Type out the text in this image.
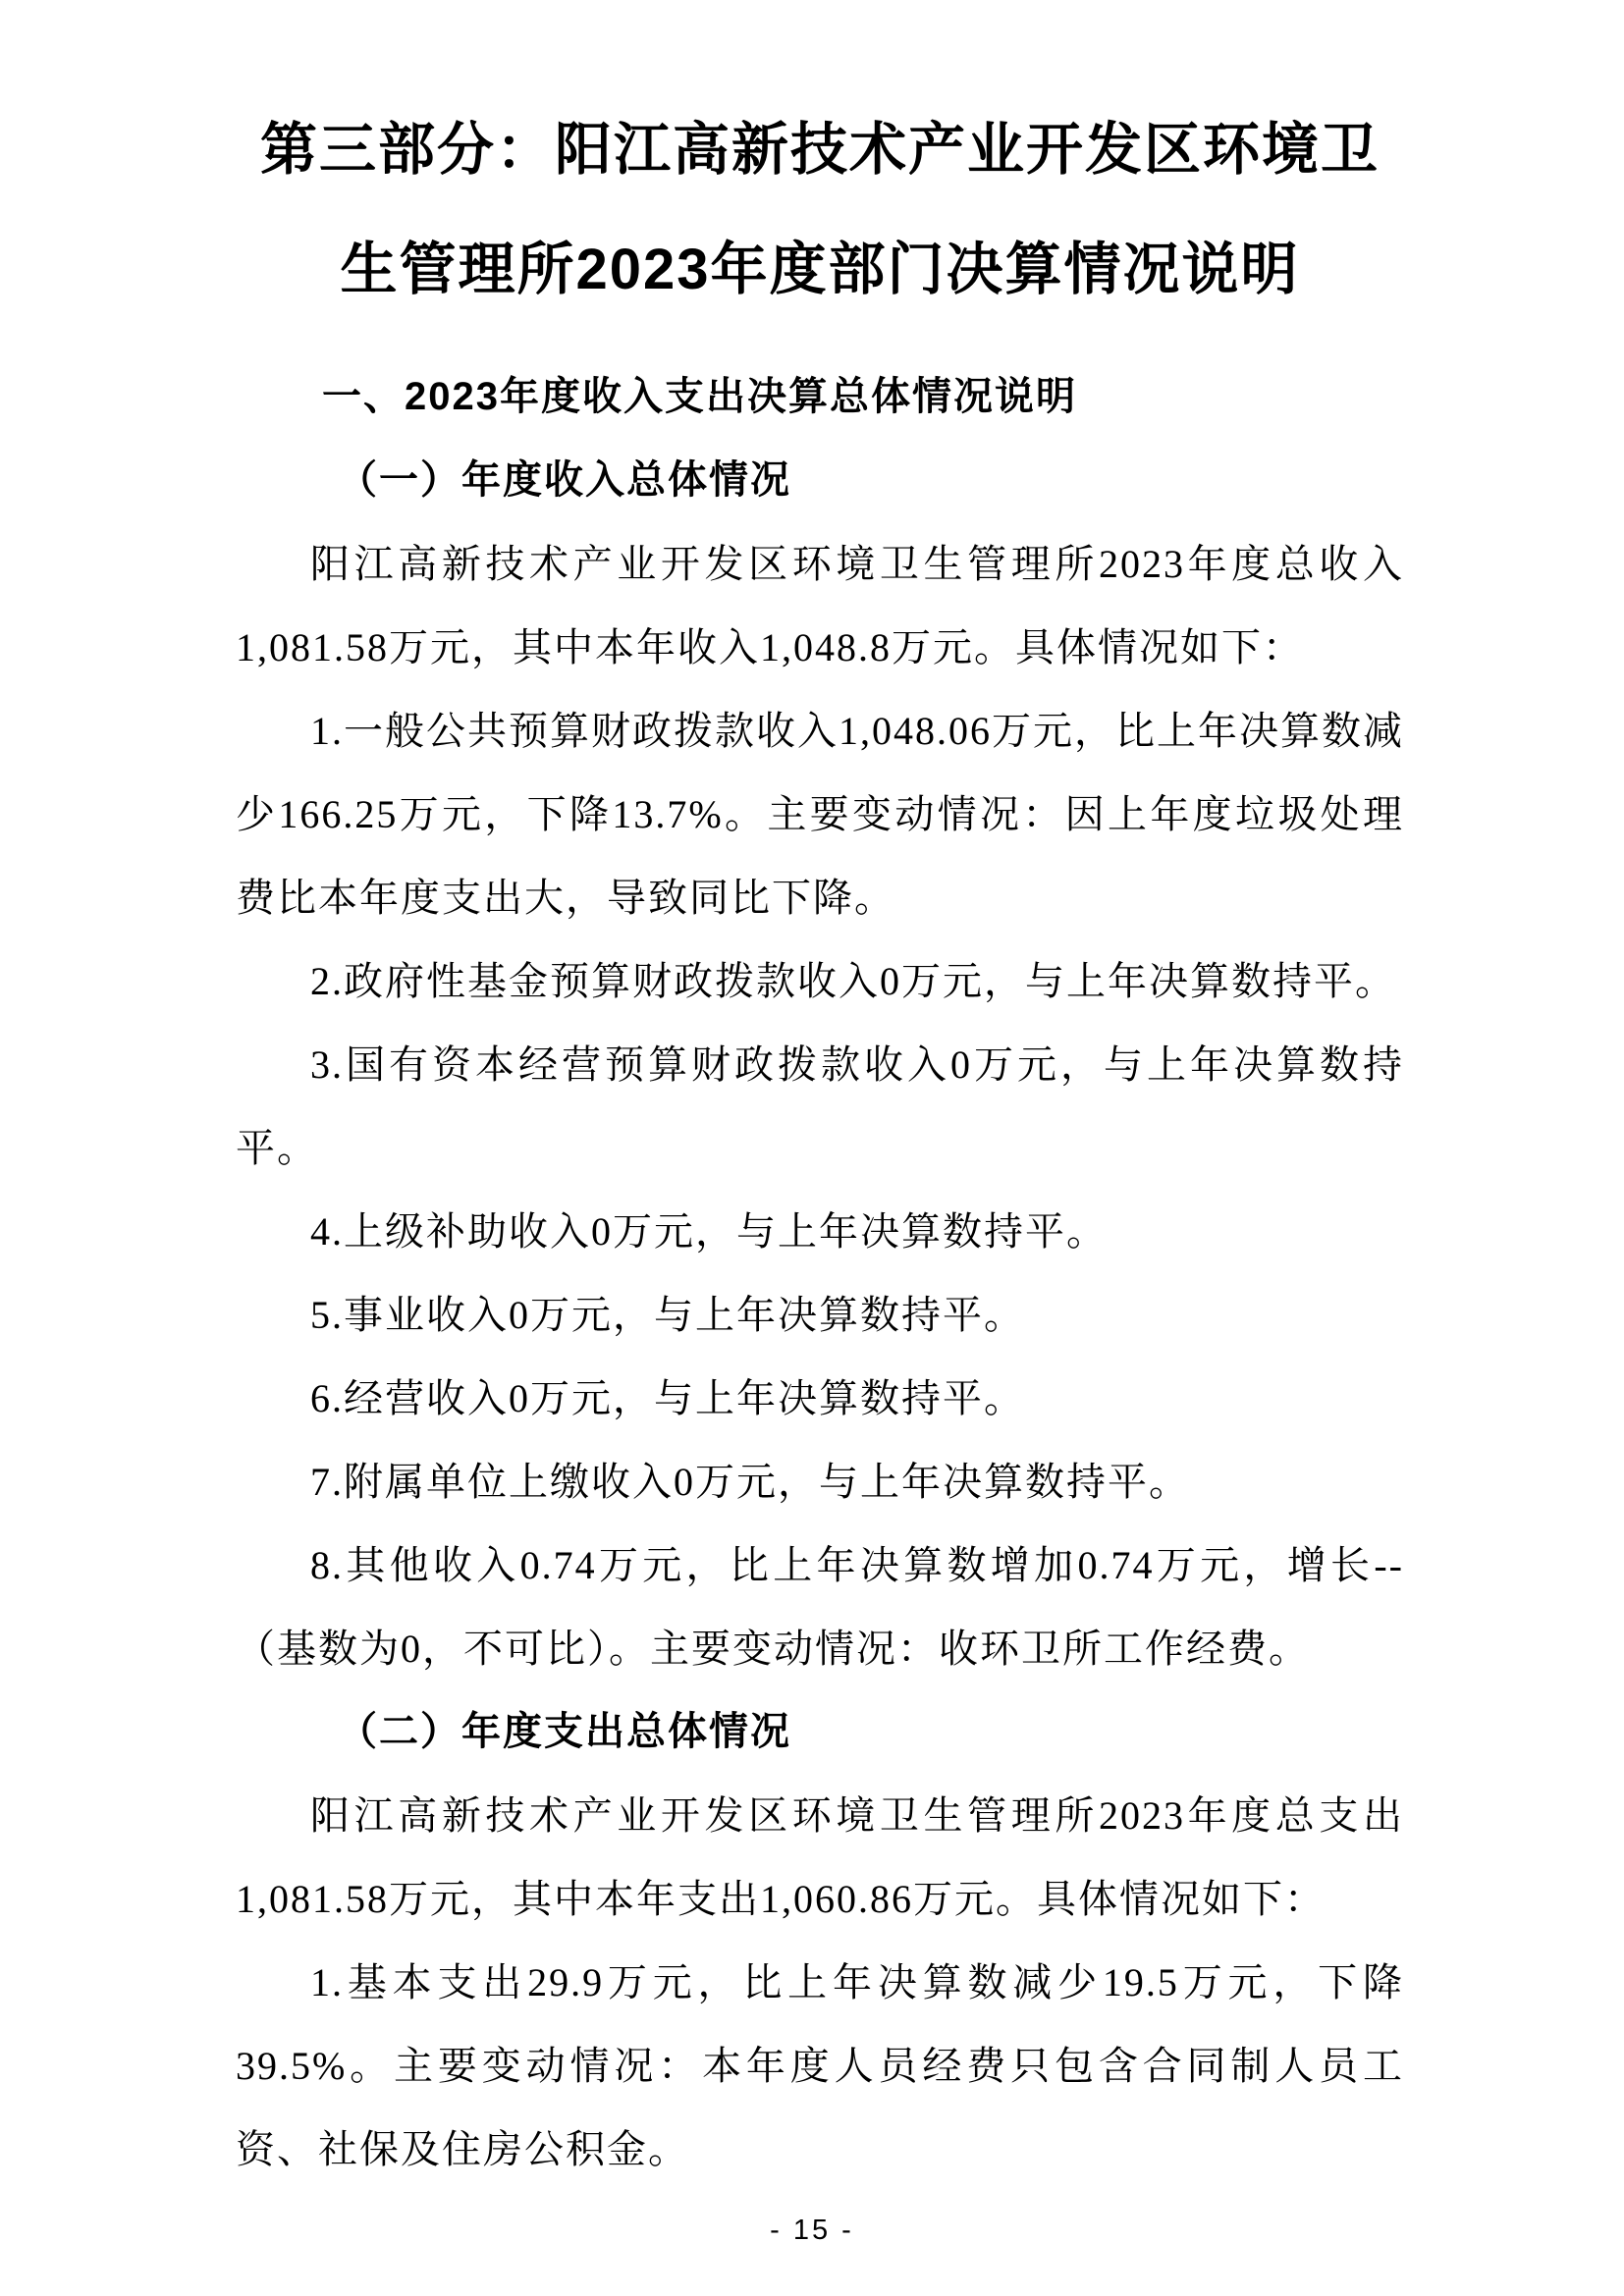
第三部分：阳江高新技术产业开发区环境卫生管理所2023年度部门决算情况说明
一、2023年度收入支出决算总体情况说明
（一）年度收入总体情况

阳江高新技术产业开发区环境卫生管理所2023年度总收入1,081.58万元，其中本年收入1,048.8万元。具体情况如下：

1.一般公共预算财政拨款收入1,048.06万元，比上年决算数减少166.25万元，下降13.7%。主要变动情况：因上年度垃圾处理费比本年度支出大，导致同比下降。

2.政府性基金预算财政拨款收入0万元，与上年决算数持平。

3.国有资本经营预算财政拨款收入0万元，与上年决算数持平。

4.上级补助收入0万元，与上年决算数持平。

5.事业收入0万元，与上年决算数持平。

6.经营收入0万元，与上年决算数持平。

7.附属单位上缴收入0万元，与上年决算数持平。

8.其他收入0.74万元，比上年决算数增加0.74万元，增长--（基数为0，不可比）。主要变动情况：收环卫所工作经费。

（二）年度支出总体情况

阳江高新技术产业开发区环境卫生管理所2023年度总支出1,081.58万元，其中本年支出1,060.86万元。具体情况如下：

1.基本支出29.9万元，比上年决算数减少19.5万元，下降39.5%。主要变动情况：本年度人员经费只包含合同制人员工资、社保及住房公积金。

- 15 -
